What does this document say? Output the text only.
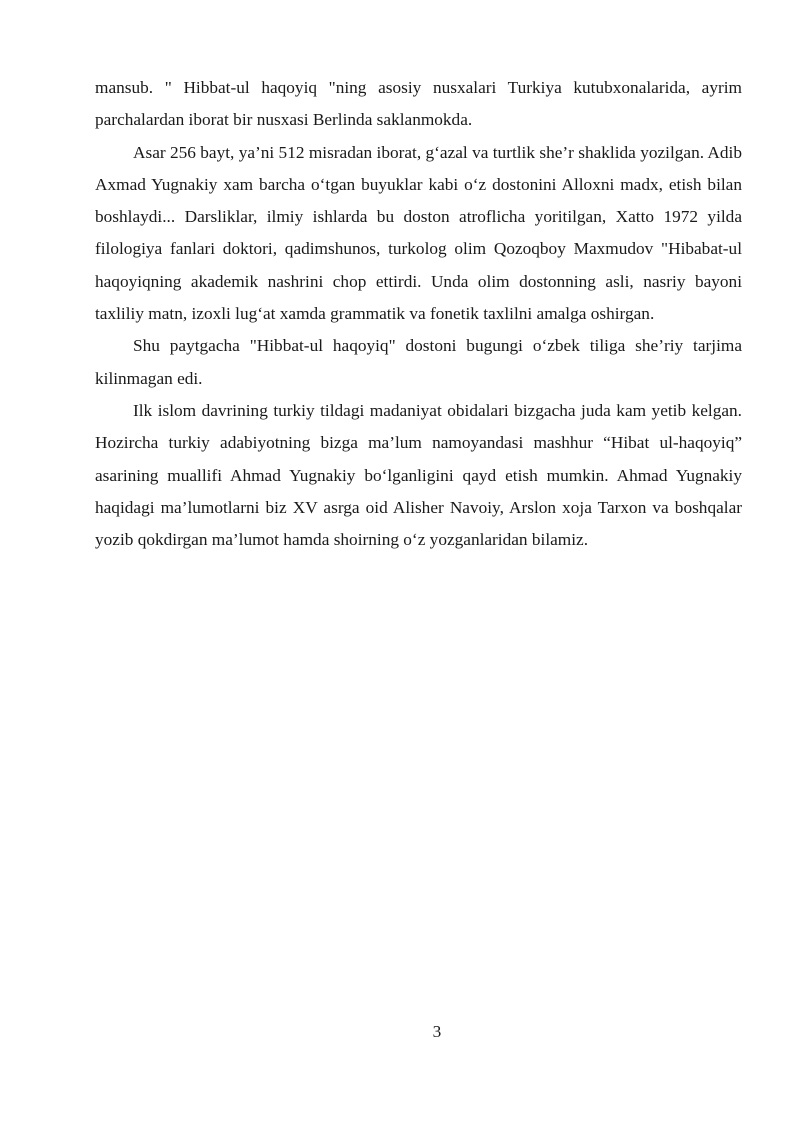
mansub. " Hibbat-ul haqoyiq "ning asosiy nusxalari Turkiya kutubxonalarida, ayrim parchalardan iborat bir nusxasi Berlinda saklanmokda.

Asar 256 bayt, ya’ni 512 misradan iborat, g‘azal va turtlik she’r shaklida yozilgan. Adib Axmad Yugnakiy xam barcha o‘tgan buyuklar kabi o‘z dostonini Alloxni madx, etish bilan boshlaydi... Darsliklar, ilmiy ishlarda bu doston atroflicha yoritilgan, Xatto 1972 yilda filologiya fanlari doktori, qadimshunos, turkolog olim Qozoqboy Maxmudov "Hibabat-ul haqoyiqning akademik nashrini chop ettirdi. Unda olim dostonning asli, nasriy bayoni taxliliy matn, izoxli lug‘at xamda grammatik va fonetik taxlilni amalga oshirgan.

Shu paytgacha "Hibbat-ul haqoyiq" dostoni bugungi o‘zbek tiliga she’riy tarjima kilinmagan edi.

Ilk islom davrining turkiy tildagi madaniyat obidalari bizgacha juda kam yetib kelgan. Hozircha turkiy adabiyotning bizga ma’lum namoyandasi mashhur “Hibat ul-haqoyiq” asarining muallifi Ahmad Yugnakiy bo‘lganligini qayd etish mumkin. Ahmad Yugnakiy haqidagi ma’lumotlarni biz XV asrga oid Alisher Navoiy, Arslon xoja Tarxon va boshqalar yozib qokdirgan ma’lumot hamda shoirning o‘z yozganlaridan bilamiz.

3
